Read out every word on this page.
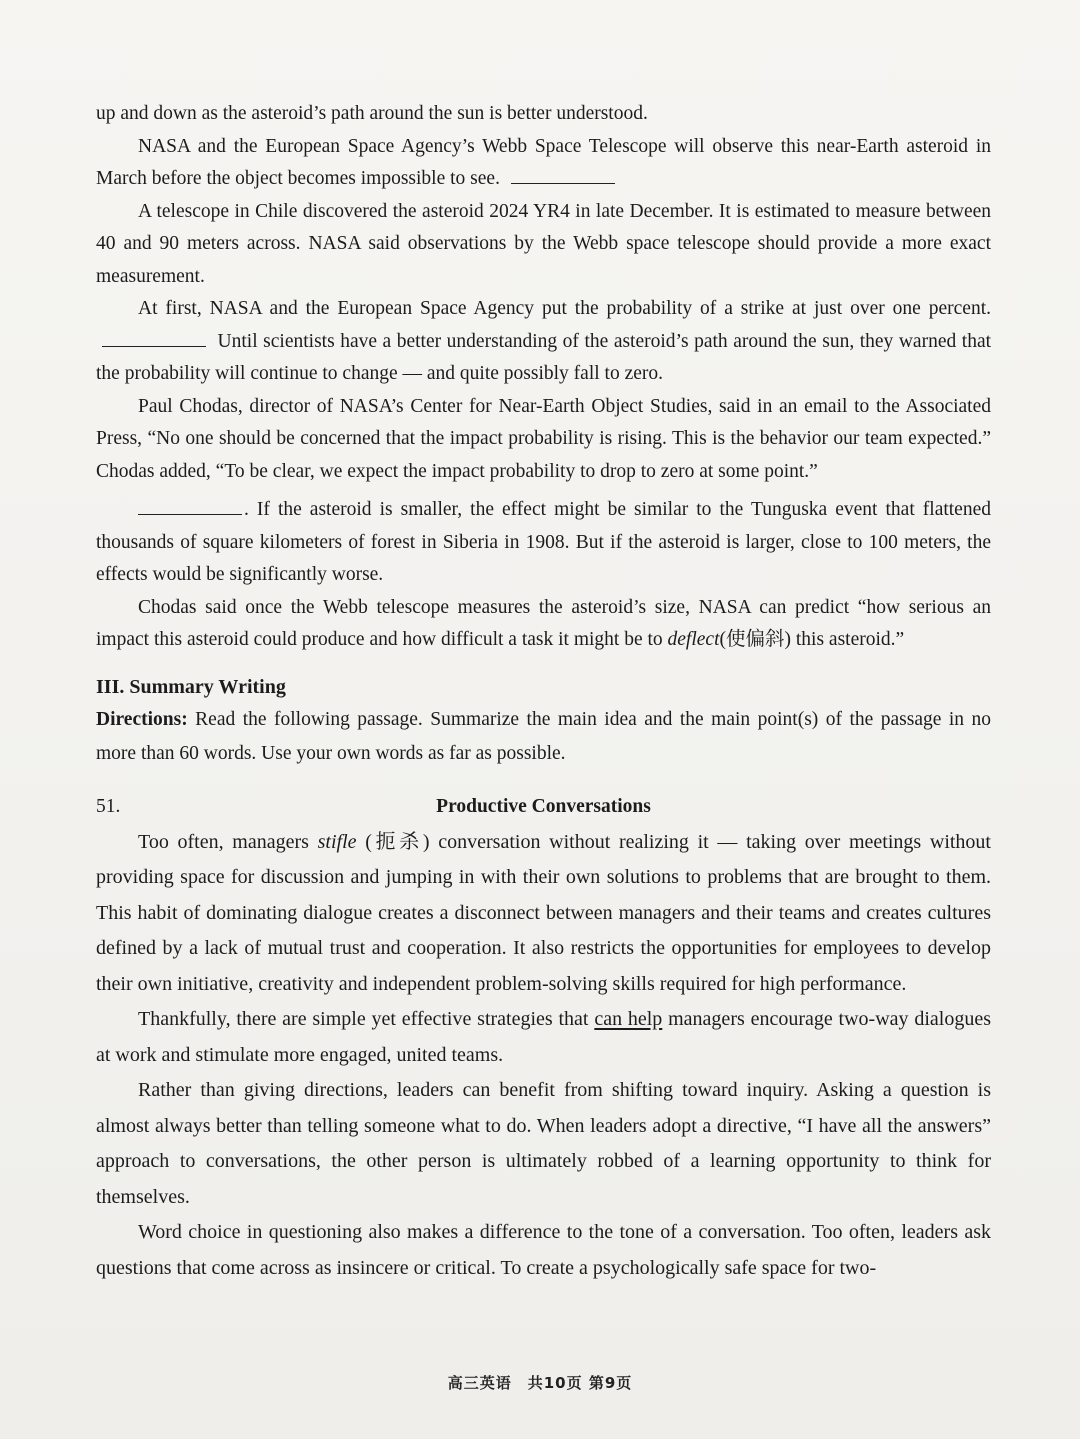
up and down as the asteroid’s path around the sun is better understood.

NASA and the European Space Agency’s Webb Space Telescope will observe this near-Earth asteroid in March before the object becomes impossible to see.

A telescope in Chile discovered the asteroid 2024 YR4 in late December. It is estimated to measure between 40 and 90 meters across. NASA said observations by the Webb space telescope should provide a more exact measurement.

At first, NASA and the European Space Agency put the probability of a strike at just over one percent.  Until scientists have a better understanding of the asteroid’s path around the sun, they warned that the probability will continue to change — and quite possibly fall to zero.

Paul Chodas, director of NASA’s Center for Near-Earth Object Studies, said in an email to the Associated Press, “No one should be concerned that the impact probability is rising. This is the behavior our team expected.” Chodas added, “To be clear, we expect the impact probability to drop to zero at some point.”

. If the asteroid is smaller, the effect might be similar to the Tunguska event that flattened thousands of square kilometers of forest in Siberia in 1908. But if the asteroid is larger, close to 100 meters, the effects would be significantly worse.

Chodas said once the Webb telescope measures the asteroid’s size, NASA can predict “how serious an impact this asteroid could produce and how difficult a task it might be to deflect(使偏斜) this asteroid.”

III. Summary Writing
Directions: Read the following passage. Summarize the main idea and the main point(s) of the passage in no more than 60 words. Use your own words as far as possible.
51.	Productive Conversations

Too often, managers stifle (扼杀) conversation without realizing it — taking over meetings without providing space for discussion and jumping in with their own solutions to problems that are brought to them. This habit of dominating dialogue creates a disconnect between managers and their teams and creates cultures defined by a lack of mutual trust and cooperation. It also restricts the opportunities for employees to develop their own initiative, creativity and independent problem-solving skills required for high performance.

Thankfully, there are simple yet effective strategies that can help managers encourage two-way dialogues at work and stimulate more engaged, united teams.

Rather than giving directions, leaders can benefit from shifting toward inquiry. Asking a question is almost always better than telling someone what to do. When leaders adopt a directive, “I have all the answers” approach to conversations, the other person is ultimately robbed of a learning opportunity to think for themselves.

Word choice in questioning also makes a difference to the tone of a conversation. Too often, leaders ask questions that come across as insincere or critical. To create a psychologically safe space for two-

高三英语　共10页 第9页
